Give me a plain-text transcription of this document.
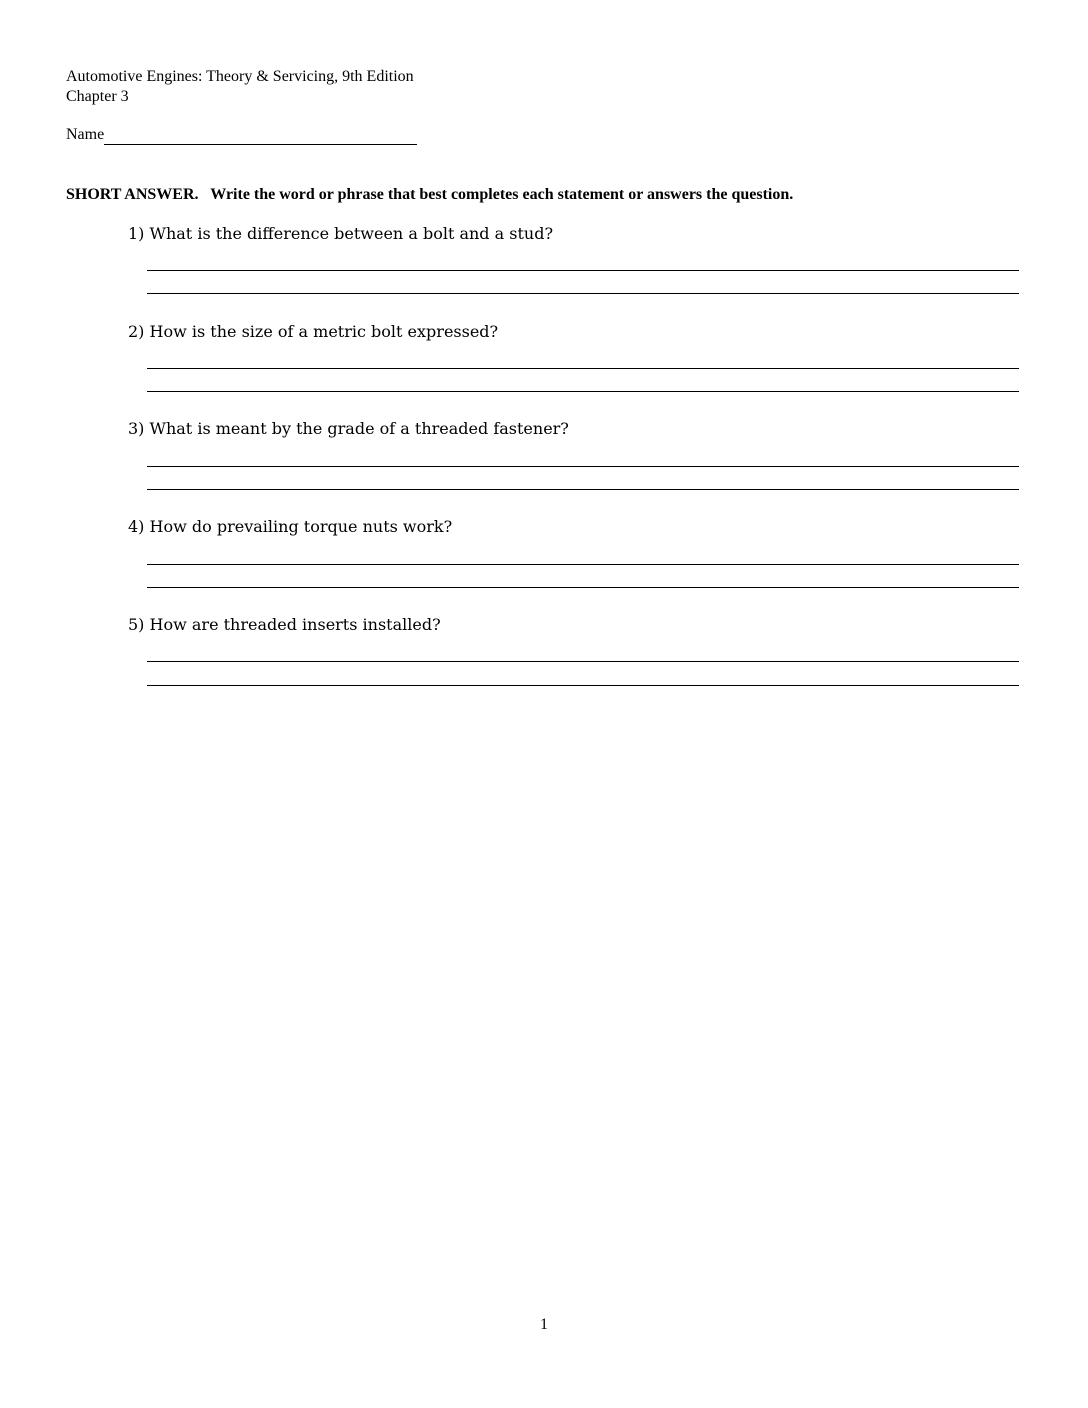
Automotive Engines: Theory & Servicing, 9th Edition
Chapter 3
Name
SHORT ANSWER. Write the word or phrase that best completes each statement or answers the question.
1) What is the difference between a bolt and a stud?
2) How is the size of a metric bolt expressed?
3) What is meant by the grade of a threaded fastener?
4) How do prevailing torque nuts work?
5) How are threaded inserts installed?
1
